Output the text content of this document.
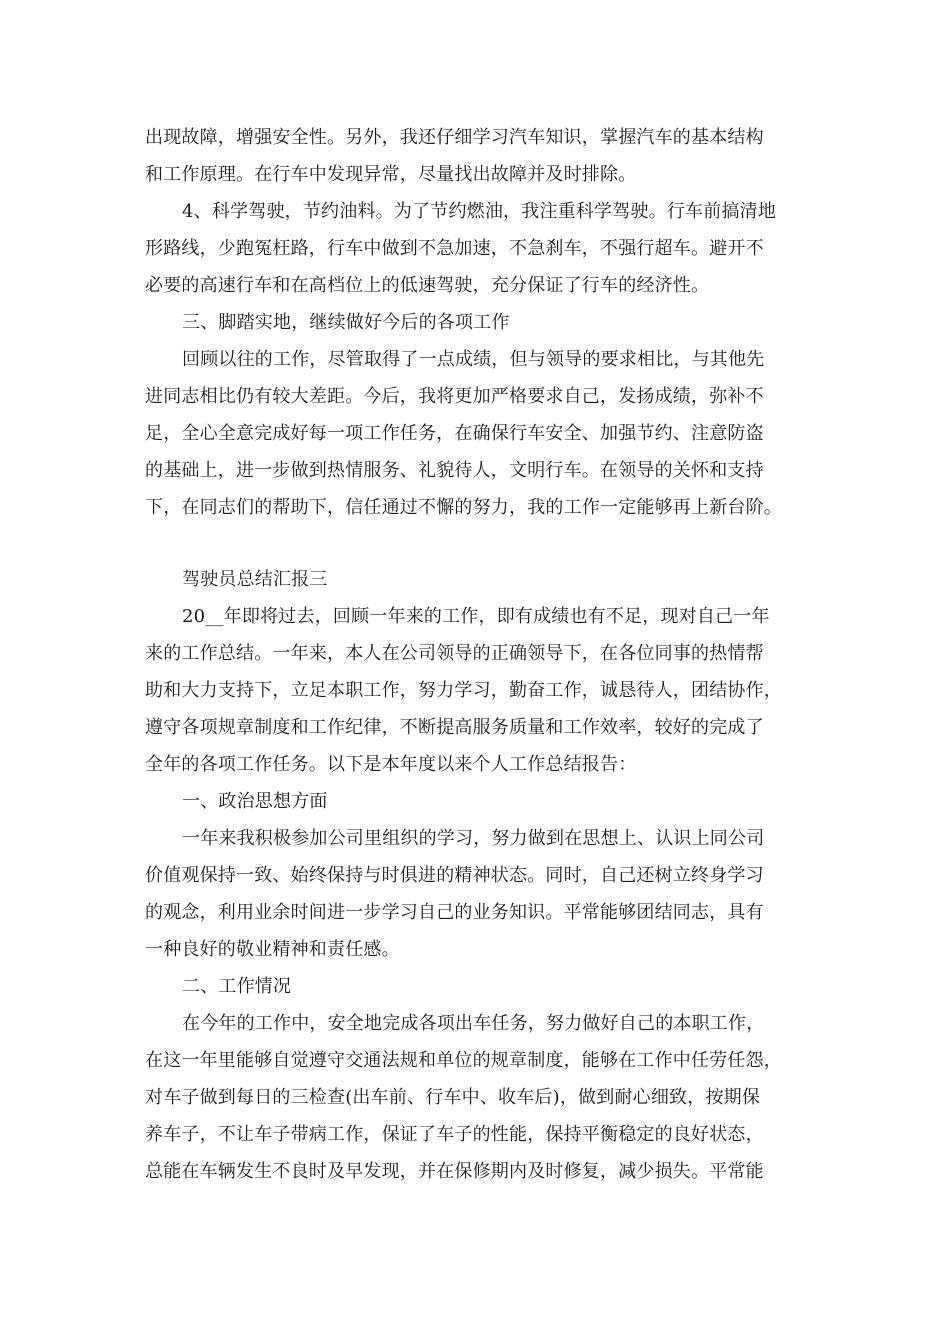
出现故障，增强安全性。另外，我还仔细学习汽车知识，掌握汽车的基本结构

和工作原理。在行车中发现异常，尽量找出故障并及时排除。

4、科学驾驶，节约油料。为了节约燃油，我注重科学驾驶。行车前搞清地

形路线，少跑冤枉路，行车中做到不急加速，不急刹车，不强行超车。避开不

必要的高速行车和在高档位上的低速驾驶，充分保证了行车的经济性。

三、脚踏实地，继续做好今后的各项工作

回顾以往的工作，尽管取得了一点成绩，但与领导的要求相比，与其他先

进同志相比仍有较大差距。今后，我将更加严格要求自己，发扬成绩，弥补不

足，全心全意完成好每一项工作任务，在确保行车安全、加强节约、注意防盗

的基础上，进一步做到热情服务、礼貌待人，文明行车。在领导的关怀和支持

下，在同志们的帮助下，信任通过不懈的努力，我的工作一定能够再上新台阶。

驾驶员总结汇报三

20__年即将过去，回顾一年来的工作，即有成绩也有不足，现对自己一年

来的工作总结。一年来，本人在公司领导的正确领导下，在各位同事的热情帮

助和大力支持下，立足本职工作，努力学习，勤奋工作，诚恳待人，团结协作，

遵守各项规章制度和工作纪律，不断提高服务质量和工作效率，较好的完成了

全年的各项工作任务。以下是本年度以来个人工作总结报告：

一、政治思想方面

一年来我积极参加公司里组织的学习，努力做到在思想上、认识上同公司

价值观保持一致、始终保持与时俱进的精神状态。同时，自己还树立终身学习

的观念，利用业余时间进一步学习自己的业务知识。平常能够团结同志，具有

一种良好的敬业精神和责任感。

二、工作情况

在今年的工作中，安全地完成各项出车任务，努力做好自己的本职工作，

在这一年里能够自觉遵守交通法规和单位的规章制度，能够在工作中任劳任怨，

对车子做到每日的三检查(出车前、行车中、收车后)，做到耐心细致，按期保

养车子，不让车子带病工作，保证了车子的性能，保持平衡稳定的良好状态，

总能在车辆发生不良时及早发现，并在保修期内及时修复，减少损失。平常能
